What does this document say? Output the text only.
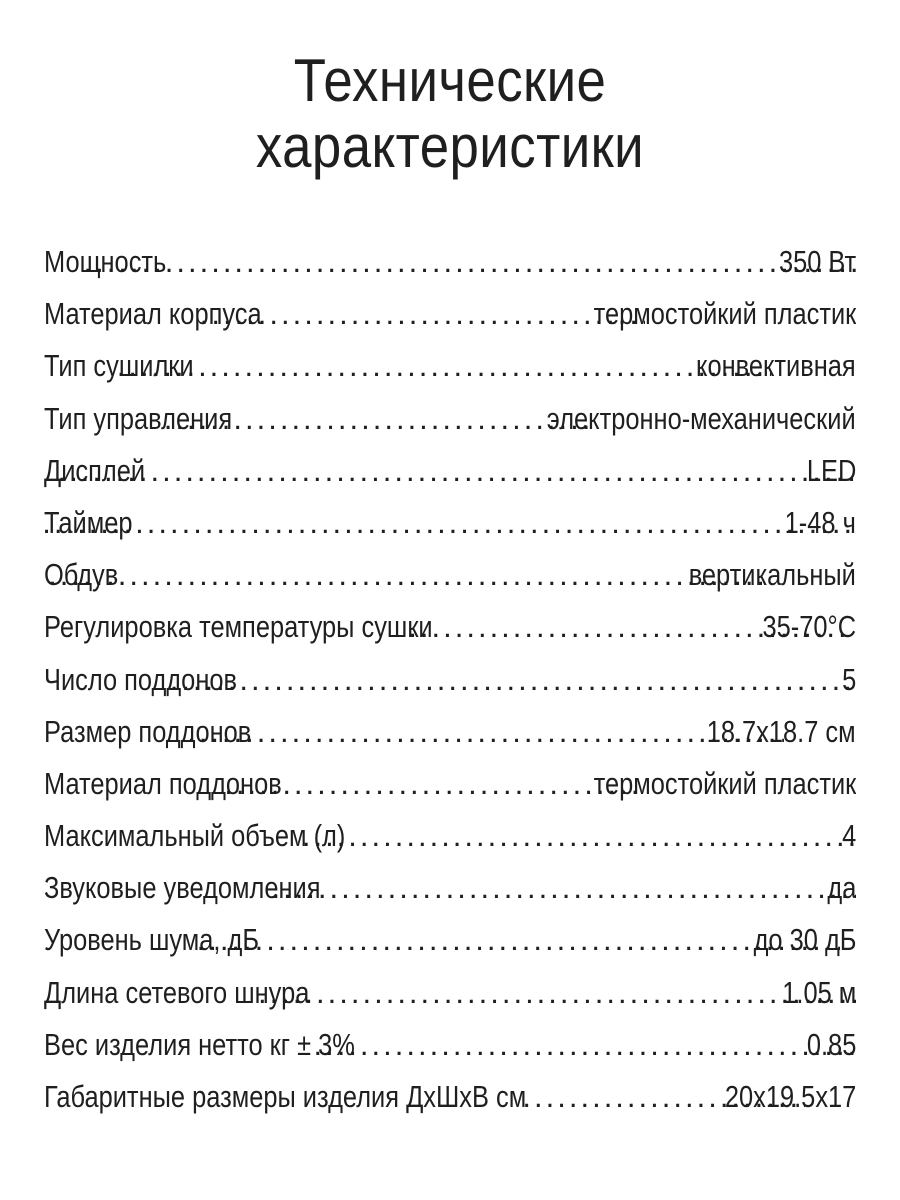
Технические
характеристики
Мощность .....	350 Вт
Материал корпуса .....	термостойкий пластик
Тип сушилки .....	конвективная
Тип управления .....	электронно-механический
Дисплей .....	LED
Таймер .....	1-48 ч
Обдув .....	вертикальный
Регулировка температуры сушки .....	35-70°С
Число поддонов .....	5
Размер поддонов .....	18.7x18.7 см
Материал поддонов .....	термостойкий пластик
Максимальный объем (л) .....	4
Звуковые уведомления .....	да
Уровень шума, дБ .....	до 30 дБ
Длина сетевого шнура .....	1.05 м
Вес изделия нетто кг ± 3% .....	0.85
Габаритные размеры изделия ДхШхВ см .....	20x19.5x17
